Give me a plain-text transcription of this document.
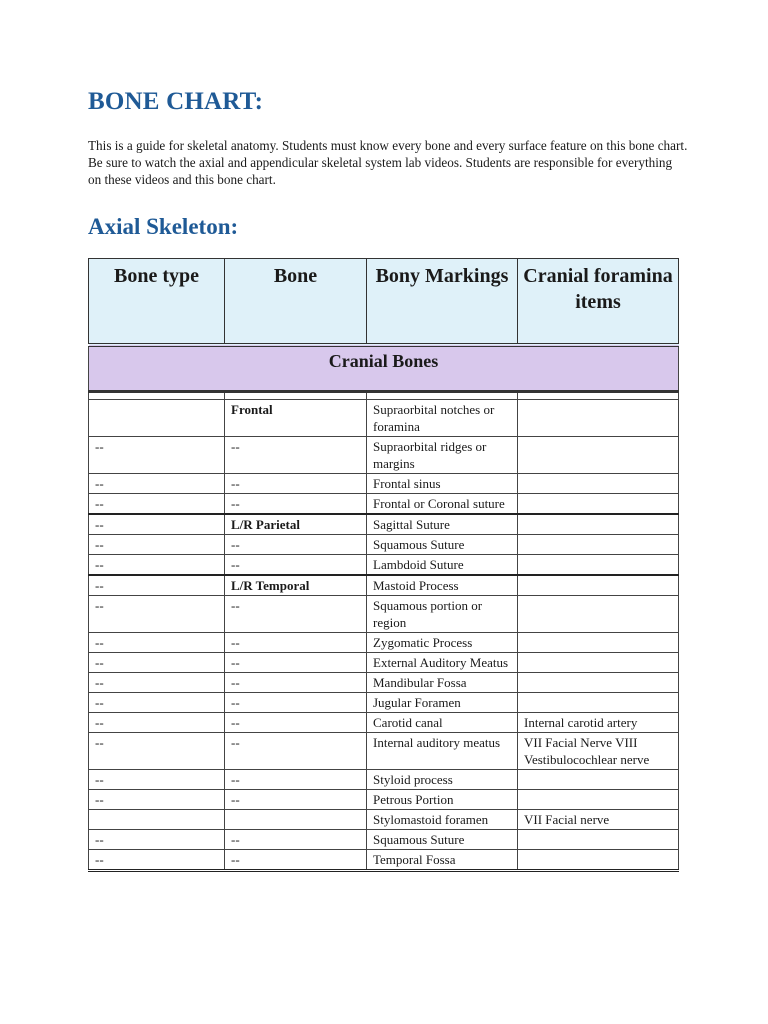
BONE CHART:
This is a guide for skeletal anatomy. Students must know every bone and every surface feature on this bone chart. Be sure to watch the axial and appendicular skeletal system lab videos. Students are responsible for everything on these videos and this bone chart.
Axial Skeleton:
Bone type	Bone	Bony Markings	Cranial foramina items
Cranial Bones			

	Frontal	Supraorbital notches or foramina	
--	--	Supraorbital ridges or margins	
--	--	Frontal sinus	
--	--	Frontal or Coronal suture	
--	L/R Parietal	Sagittal Suture	
--	--	Squamous Suture	
--	--	Lambdoid Suture	
--	L/R Temporal	Mastoid Process	
--	--	Squamous portion or region	
--	--	Zygomatic Process	
--	--	External Auditory Meatus	
--	--	Mandibular Fossa	
--	--	Jugular Foramen	
--	--	Carotid canal	Internal carotid artery
--	--	Internal auditory meatus	VII Facial Nerve VIII Vestibulocochlear nerve
--	--	Styloid process	
--	--	Petrous Portion	
		Stylomastoid foramen	VII Facial nerve
--	--	Squamous Suture	
--	--	Temporal Fossa	
